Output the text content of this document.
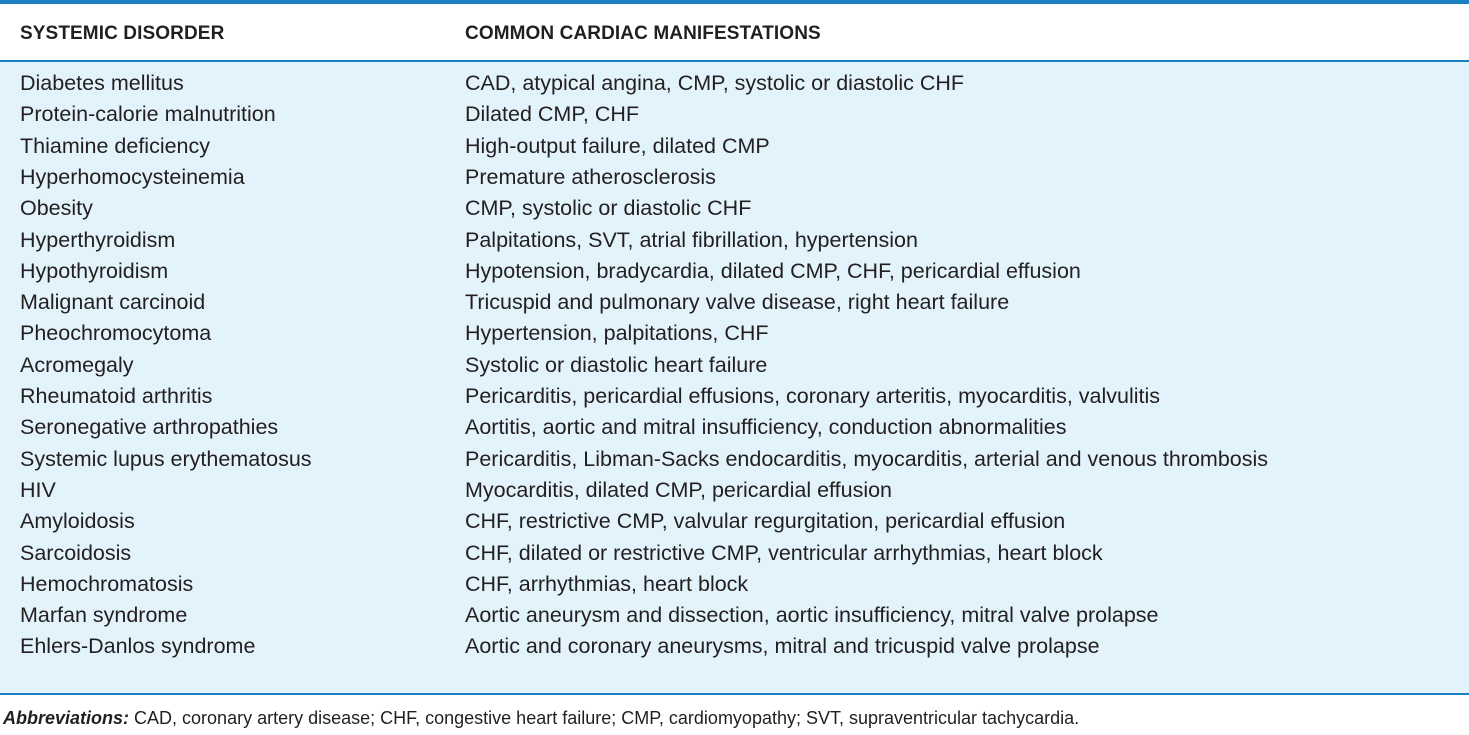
SYSTEMIC DISORDER	COMMON CARDIAC MANIFESTATIONS
Diabetes mellitus	CAD, atypical angina, CMP, systolic or diastolic CHF
Protein-calorie malnutrition	Dilated CMP, CHF
Thiamine deficiency	High-output failure, dilated CMP
Hyperhomocysteinemia	Premature atherosclerosis
Obesity	CMP, systolic or diastolic CHF
Hyperthyroidism	Palpitations, SVT, atrial fibrillation, hypertension
Hypothyroidism	Hypotension, bradycardia, dilated CMP, CHF, pericardial effusion
Malignant carcinoid	Tricuspid and pulmonary valve disease, right heart failure
Pheochromocytoma	Hypertension, palpitations, CHF
Acromegaly	Systolic or diastolic heart failure
Rheumatoid arthritis	Pericarditis, pericardial effusions, coronary arteritis, myocarditis, valvulitis
Seronegative arthropathies	Aortitis, aortic and mitral insufficiency, conduction abnormalities
Systemic lupus erythematosus	Pericarditis, Libman-Sacks endocarditis, myocarditis, arterial and venous thrombosis
HIV	Myocarditis, dilated CMP, pericardial effusion
Amyloidosis	CHF, restrictive CMP, valvular regurgitation, pericardial effusion
Sarcoidosis	CHF, dilated or restrictive CMP, ventricular arrhythmias, heart block
Hemochromatosis	CHF, arrhythmias, heart block
Marfan syndrome	Aortic aneurysm and dissection, aortic insufficiency, mitral valve prolapse
Ehlers-Danlos syndrome	Aortic and coronary aneurysms, mitral and tricuspid valve prolapse
Abbreviations: CAD, coronary artery disease; CHF, congestive heart failure; CMP, cardiomyopathy; SVT, supraventricular tachycardia.
